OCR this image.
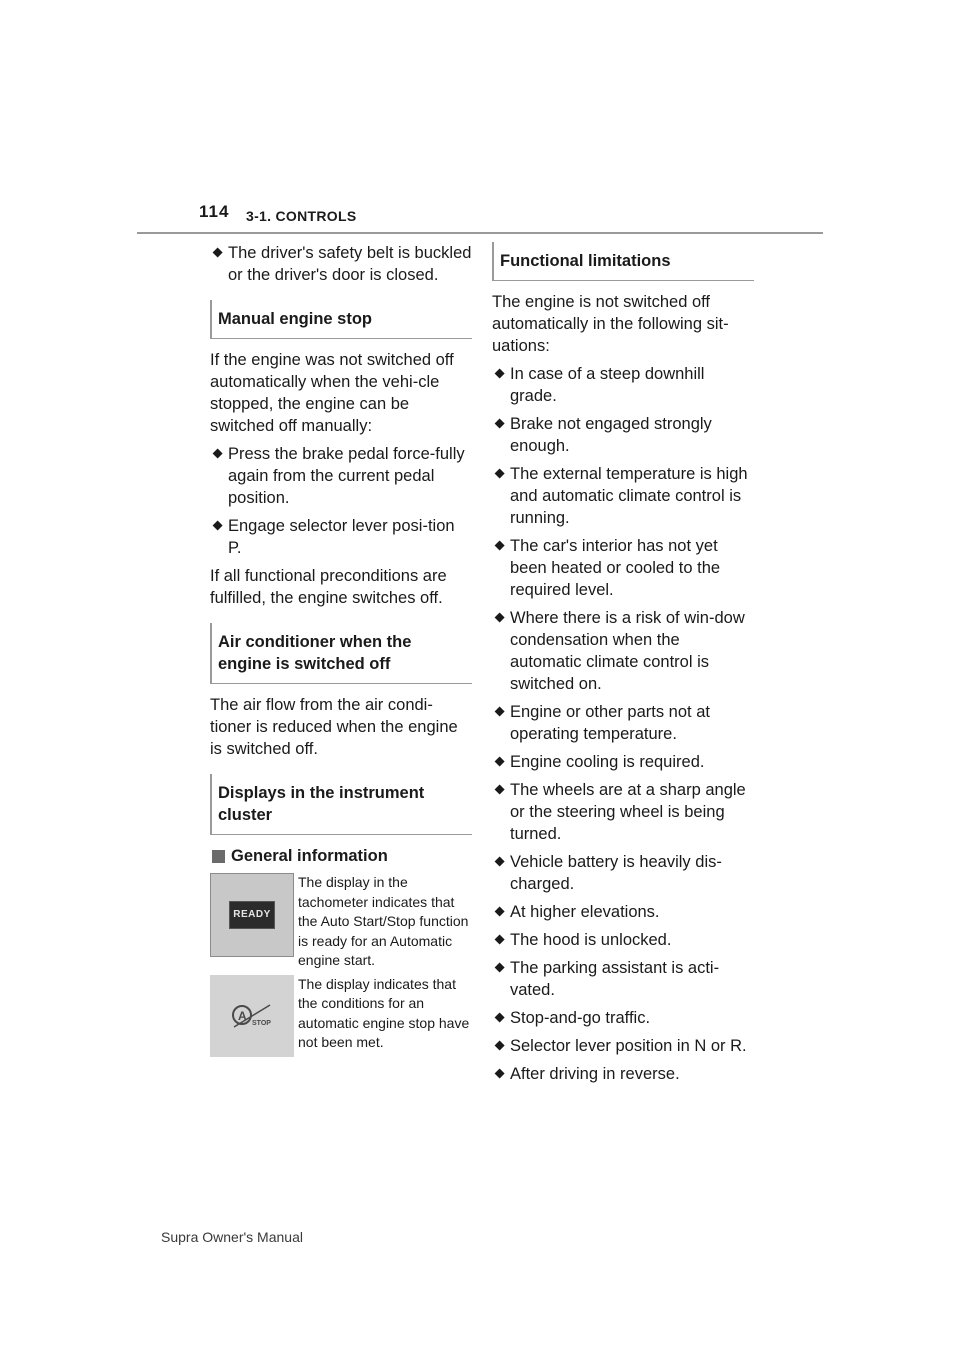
114 3-1. CONTROLS
⯁ The driver's safety belt is buckled or the driver's door is closed.
Manual engine stop
If the engine was not switched off automatically when the vehi-cle stopped, the engine can be switched off manually:
⯁ Press the brake pedal force-fully again from the current pedal position.
⯁ Engage selector lever posi-tion P.
If all functional preconditions are fulfilled, the engine switches off.
Air conditioner when the engine is switched off
The air flow from the air condi-tioner is reduced when the engine is switched off.
Displays in the instrument cluster
General information
READY
The display in the tachometer indicates that the Auto Start/Stop function is ready for an Automatic engine start.
A
STOP
The display indicates that the conditions for an automatic engine stop have not been met.
Functional limitations
The engine is not switched off automatically in the following sit-uations:
⯁ In case of a steep downhill grade.
⯁ Brake not engaged strongly enough.
⯁ The external temperature is high and automatic climate control is running.
⯁ The car's interior has not yet been heated or cooled to the required level.
⯁ Where there is a risk of win-dow condensation when the automatic climate control is switched on.
⯁ Engine or other parts not at operating temperature.
⯁ Engine cooling is required.
⯁ The wheels are at a sharp angle or the steering wheel is being turned.
⯁ Vehicle battery is heavily dis-charged.
⯁ At higher elevations.
⯁ The hood is unlocked.
⯁ The parking assistant is acti-vated.
⯁ Stop-and-go traffic.
⯁ Selector lever position in N or R.
⯁ After driving in reverse.
Supra Owner's Manual
